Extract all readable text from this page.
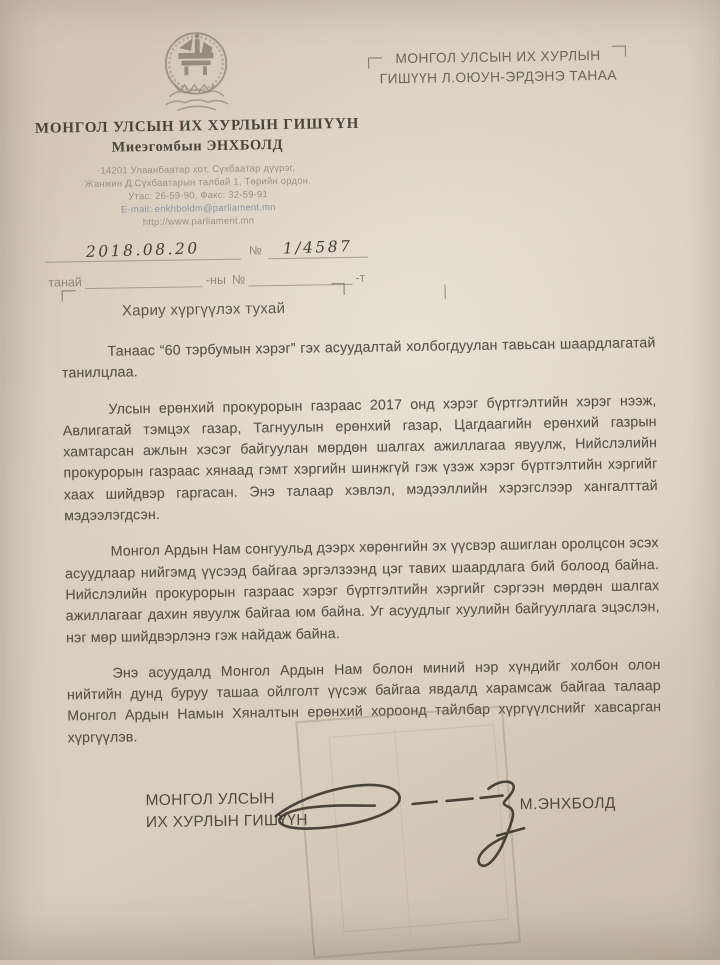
МОНГОЛ УЛСЫН ИХ ХУРЛЫН ГИШҮҮН
Миеэгомбын ЭНХБОЛД
14201 Улаанбаатар хот, Сүхбаатар дүүрэг,
Жанжин Д.Сүхбаатарын талбай 1, Төрийн ордон.
Утас: 26-59-90, Факс: 32-59-91
E-mail: enkhboldm@parliament.mn
http://www.parliament.mn
2018.08.20	№	1/4587
танай	-ны №	-т
МОНГОЛ УЛСЫН ИХ ХУРЛЫН
ГИШҮҮН Л.ОЮУН-ЭРДЭНЭ ТАНАА
Хариу хүргүүлэх тухай

Танаас “60 тэрбумын хэрэг” гэх асуудалтай холбогдуулан тавьсан шаардлагатай танилцлаа.

Улсын ерөнхий прокурорын газраас 2017 онд хэрэг бүртгэлтийн хэрэг нээж, Авлигатай тэмцэх газар, Тагнуулын ерөнхий газар, Цагдаагийн ерөнхий газрын хамтарсан ажлын хэсэг байгуулан мөрдөн шалгах ажиллагаа явуулж, Нийслэлийн прокурорын газраас хянаад гэмт хэргийн шинжгүй гэж үзэж хэрэг бүртгэлтийн хэргийг хаах шийдвэр гаргасан. Энэ талаар хэвлэл, мэдээллийн хэрэгслээр хангалттай мэдээлэгдсэн.

Монгол Ардын Нам сонгуульд дээрх хөрөнгийн эх үүсвэр ашиглан оролцсон эсэх асуудлаар нийгэмд үүсээд байгаа эргэлзээнд цэг тавих шаардлага бий болоод байна. Нийслэлийн прокурорын газраас хэрэг бүртгэлтийн хэргийг сэргээн мөрдөн шалгах ажиллагааг дахин явуулж байгаа юм байна. Уг асуудлыг хуулийн байгууллага эцэслэн, нэг мөр шийдвэрлэнэ гэж найдаж байна.

Энэ асуудалд Монгол Ардын Нам болон миний нэр хүндийг холбон олон нийтийн дунд буруу ташаа ойлголт үүсэж байгаа явдалд харамсаж байгаа талаар Монгол Ардын Намын Хяналтын ерөнхий хороонд тайлбар хүргүүлснийг хавсарган хүргүүлэв.

МОНГОЛ УЛСЫН
ИХ ХУРЛЫН ГИШҮҮН
М.ЭНХБОЛД
